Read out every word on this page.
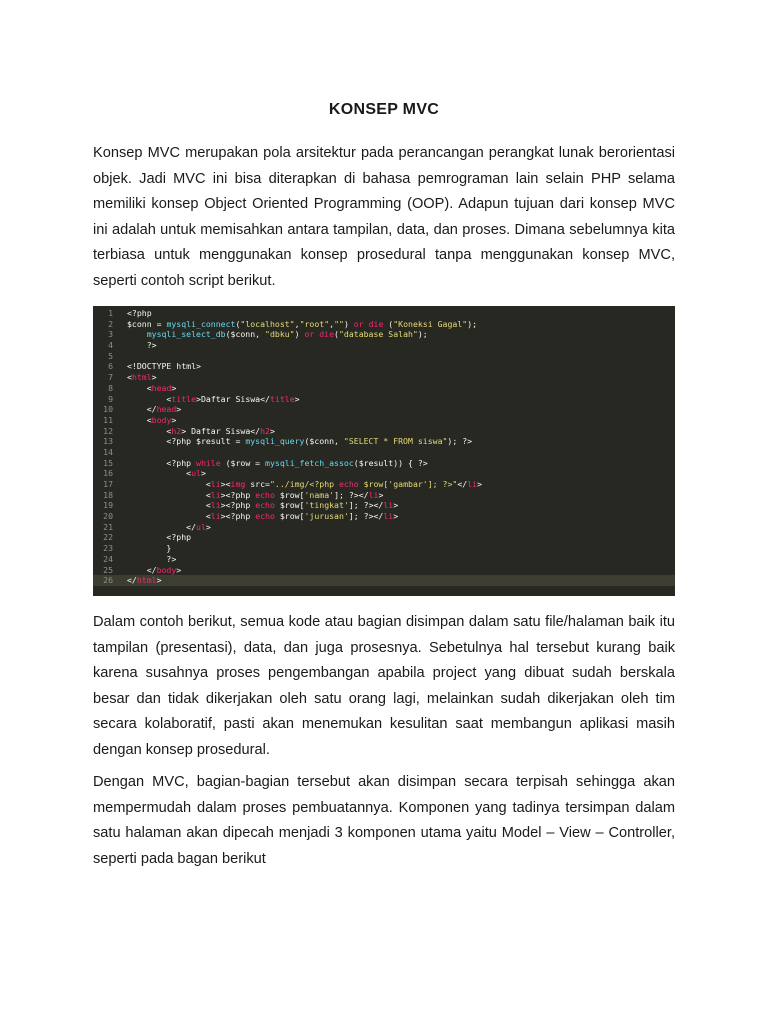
KONSEP MVC

Konsep MVC merupakan pola arsitektur pada perancangan perangkat lunak berorientasi objek. Jadi MVC ini bisa diterapkan di bahasa pemrograman lain selain PHP selama memiliki konsep Object Oriented Programming (OOP). Adapun tujuan dari konsep MVC ini adalah untuk memisahkan antara tampilan, data, dan proses. Dimana sebelumnya kita terbiasa untuk menggunakan konsep prosedural tanpa menggunakan konsep MVC, seperti contoh script berikut.

1	<?php
2	$conn = mysqli_connect("localhost","root","") or die ("Koneksi Gagal");
3	mysqli_select_db($conn, "dbku") or die("database Salah");
4	?>
5
6	<!DOCTYPE html>
7	<html>
8	<head>
9	<title>Daftar Siswa</title>
10	</head>
11	<body>
12	<h2> Daftar Siswa</h2>
13	<?php $result = mysqli_query($conn, "SELECT * FROM siswa"); ?>
14
15	<?php while ($row = mysqli_fetch_assoc($result)) { ?>
16	<ul>
17	<li><img src="../img/<?php echo $row['gambar']; ?>"</li>
18	<li><?php echo $row['nama']; ?></li>
19	<li><?php echo $row['tingkat']; ?></li>
20	<li><?php echo $row['jurusan']; ?></li>
21	</ul>
22	<?php
23	}
24	?>
25	</body>
26	</html>

Dalam contoh berikut, semua kode atau bagian disimpan dalam satu file/halaman baik itu tampilan (presentasi), data, dan juga prosesnya. Sebetulnya hal tersebut kurang baik karena susahnya proses pengembangan apabila project yang dibuat sudah berskala besar dan tidak dikerjakan oleh satu orang lagi, melainkan sudah dikerjakan oleh tim secara kolaboratif, pasti akan menemukan kesulitan saat membangun aplikasi masih dengan konsep prosedural.

Dengan MVC, bagian-bagian tersebut akan disimpan secara terpisah sehingga akan mempermudah dalam proses pembuatannya. Komponen yang tadinya tersimpan dalam satu halaman akan dipecah menjadi 3 komponen utama yaitu Model – View – Controller, seperti pada bagan berikut
